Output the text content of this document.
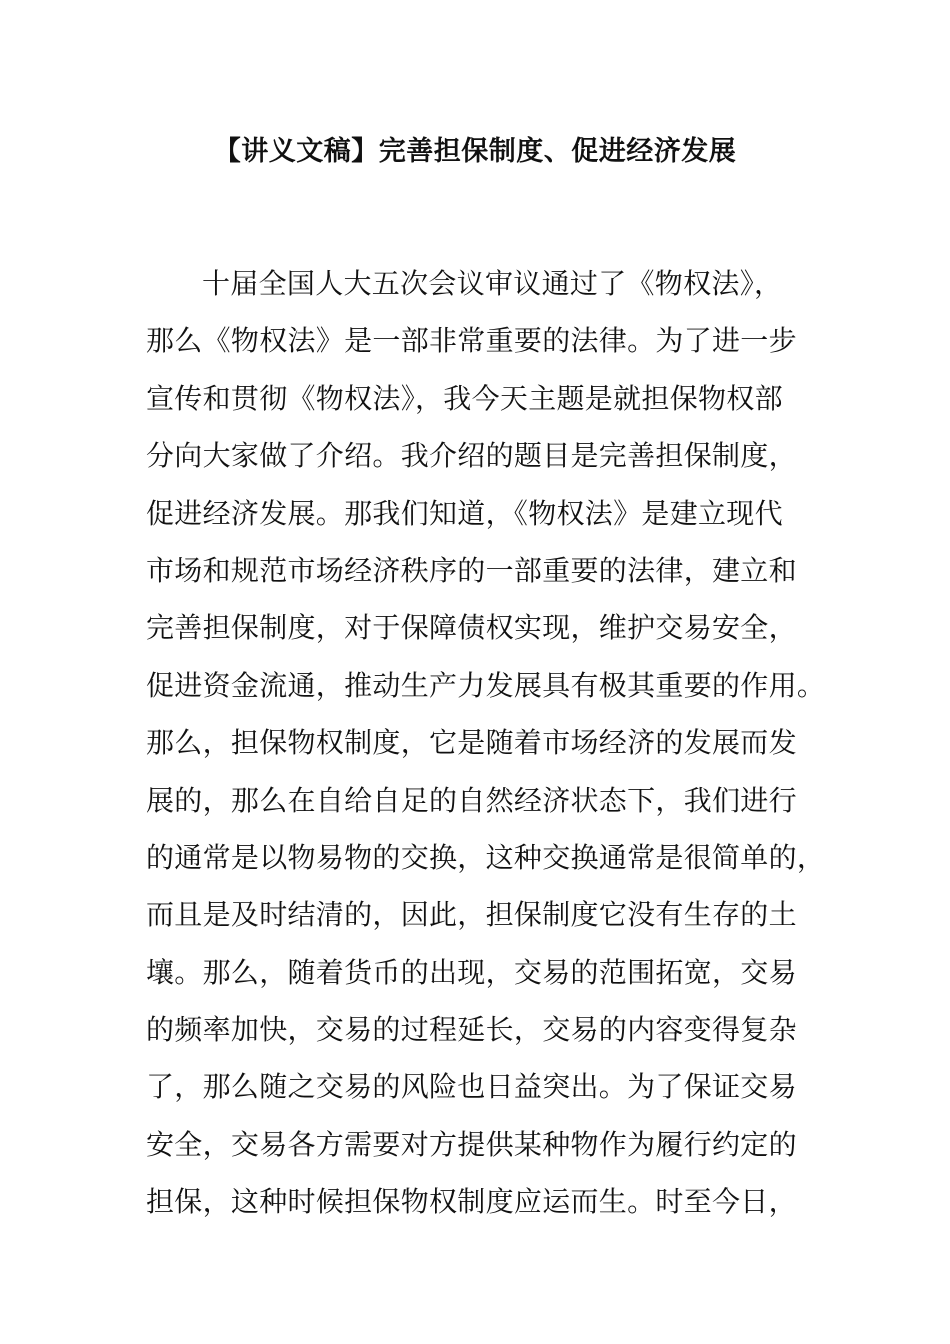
【讲义文稿】完善担保制度、促进经济发展
十届全国人大五次会议审议通过了《物权法》，
那么《物权法》是一部非常重要的法律。为了进一步
宣传和贯彻《物权法》，我今天主题是就担保物权部
分向大家做了介绍。我介绍的题目是完善担保制度，
促进经济发展。那我们知道，《物权法》是建立现代
市场和规范市场经济秩序的一部重要的法律，建立和
完善担保制度，对于保障债权实现，维护交易安全，
促进资金流通，推动生产力发展具有极其重要的作用。
那么，担保物权制度，它是随着市场经济的发展而发
展的，那么在自给自足的自然经济状态下，我们进行
的通常是以物易物的交换，这种交换通常是很简单的，
而且是及时结清的，因此，担保制度它没有生存的土
壤。那么，随着货币的出现，交易的范围拓宽，交易
的频率加快，交易的过程延长，交易的内容变得复杂
了，那么随之交易的风险也日益突出。为了保证交易
安全，交易各方需要对方提供某种物作为履行约定的
担保，这种时候担保物权制度应运而生。时至今日，
